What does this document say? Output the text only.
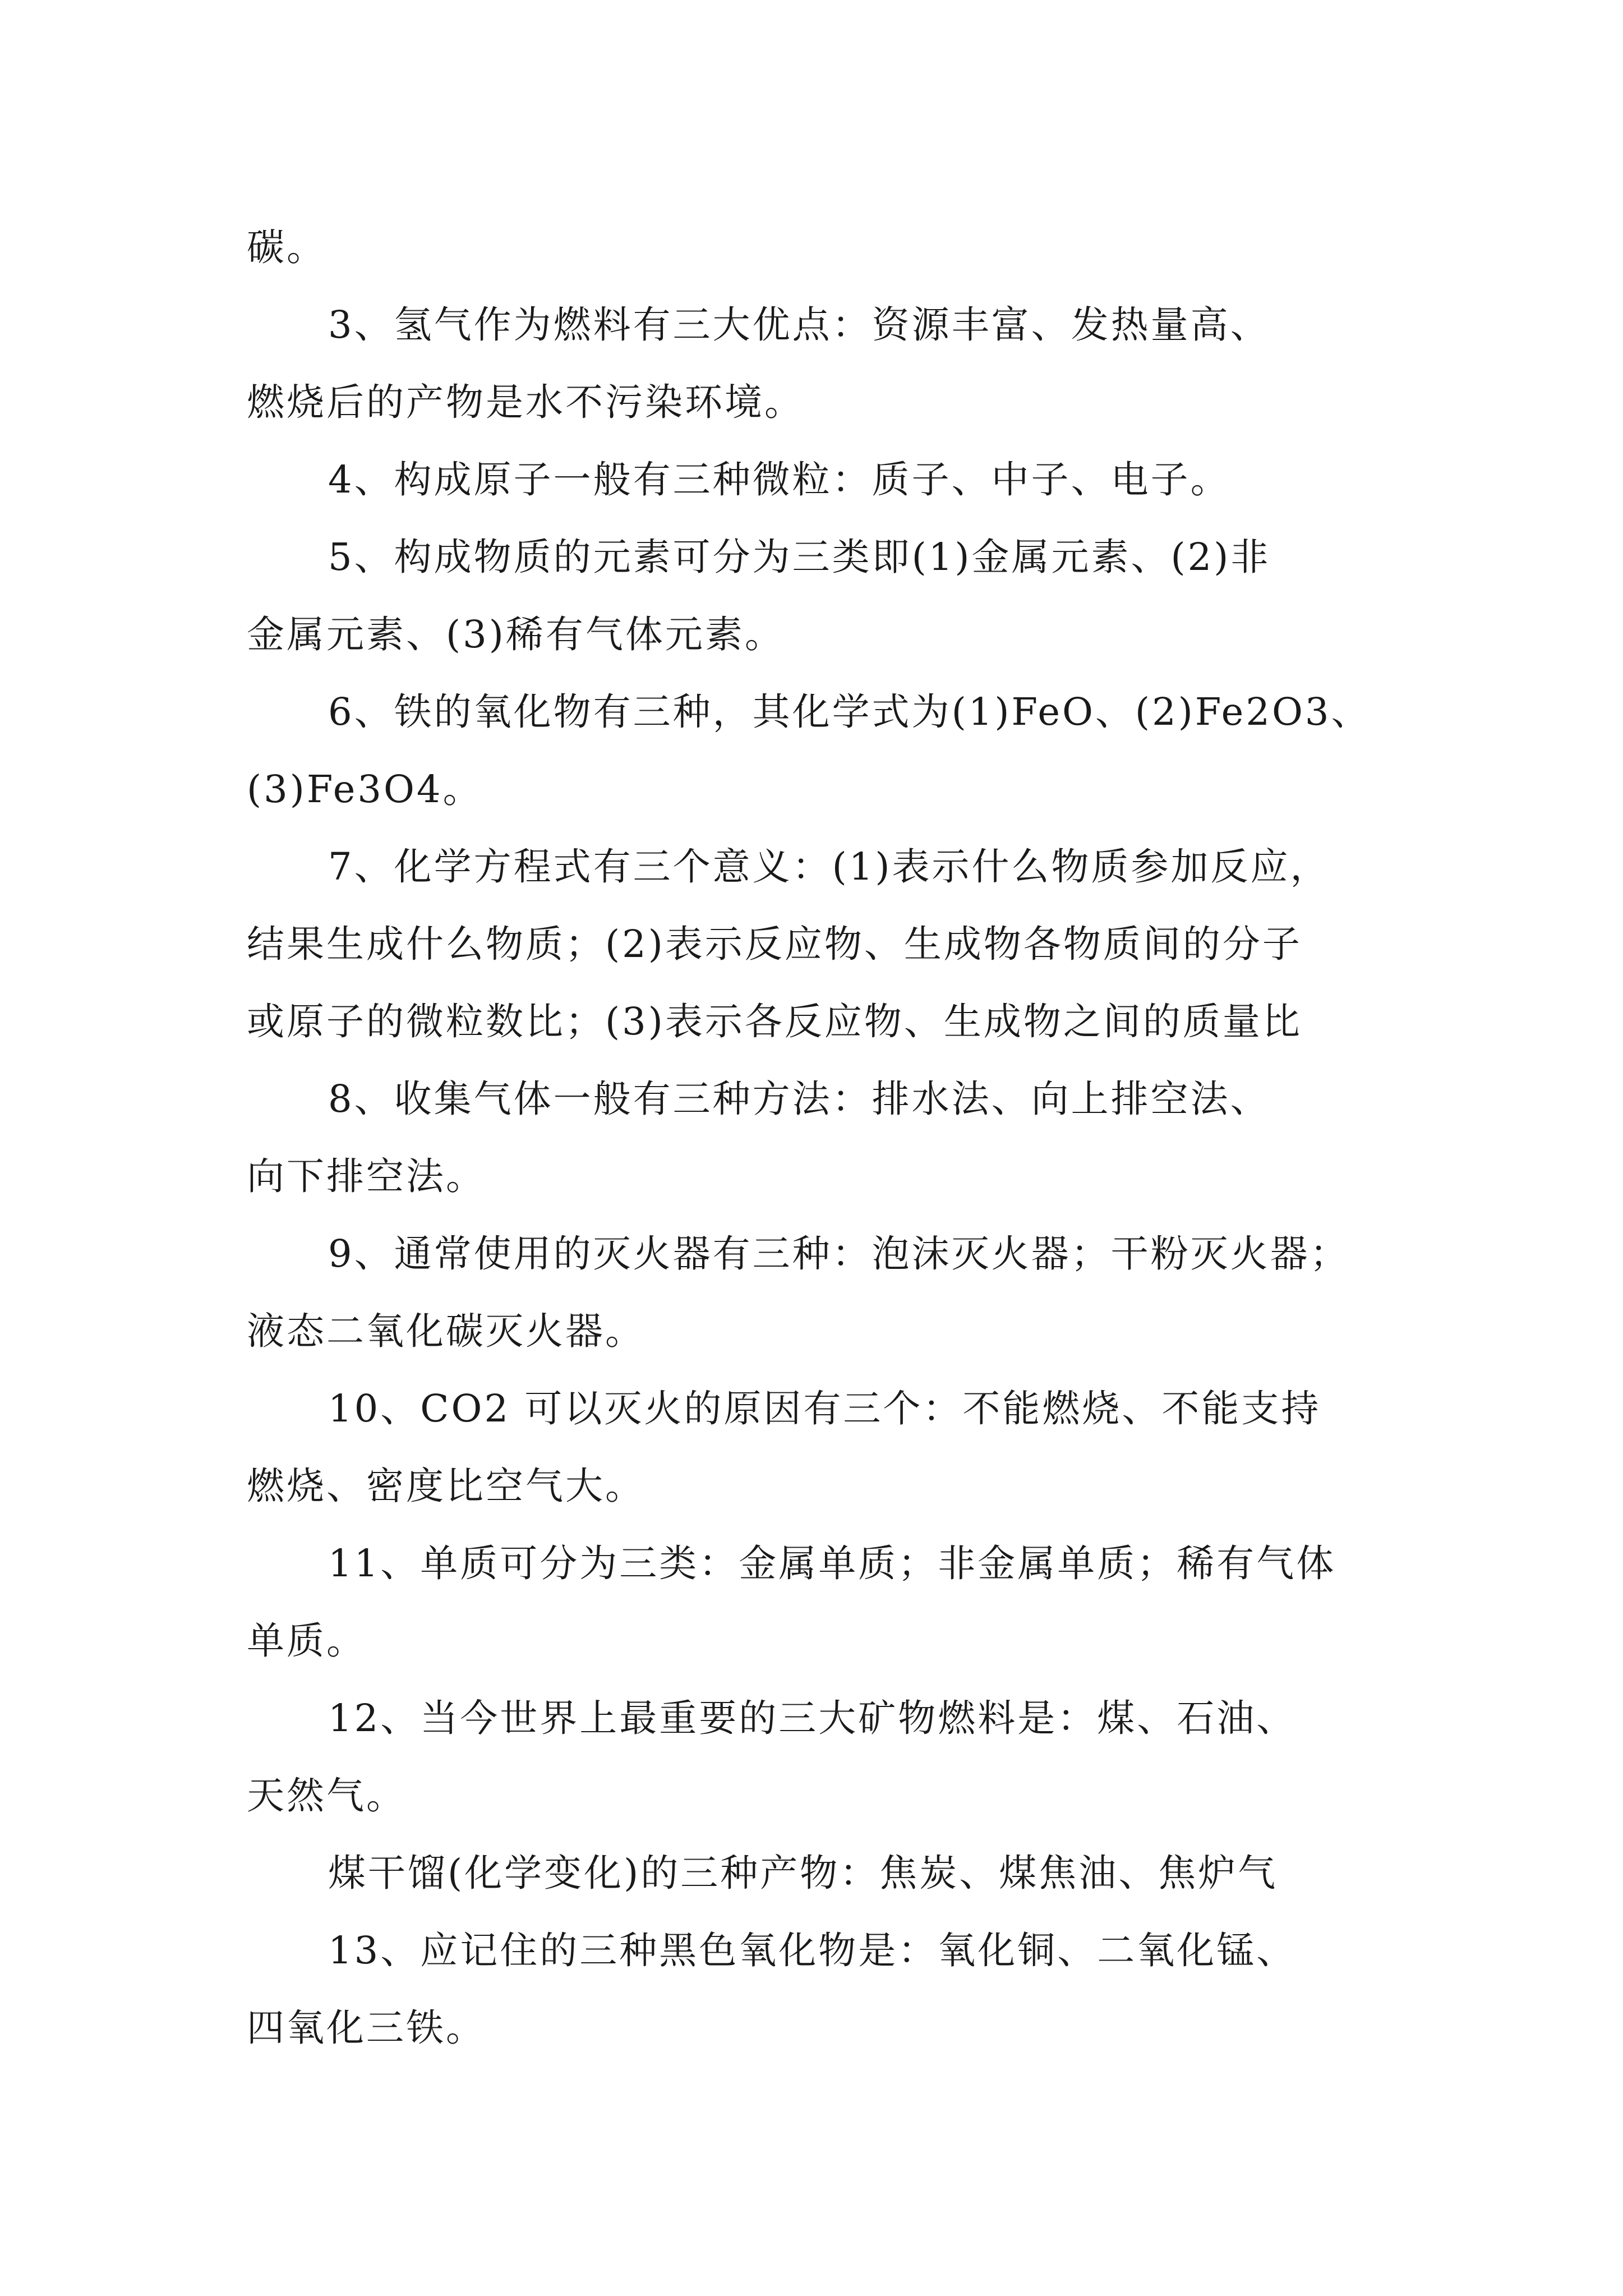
碳。
3、氢气作为燃料有三大优点：资源丰富、发热量高、
燃烧后的产物是水不污染环境。
4、构成原子一般有三种微粒：质子、中子、电子。
5、构成物质的元素可分为三类即(1)金属元素、(2)非
金属元素、(3)稀有气体元素。
6、铁的氧化物有三种，其化学式为(1)FeO、(2)Fe2O3、
(3)Fe3O4。
7、化学方程式有三个意义：(1)表示什么物质参加反应，
结果生成什么物质；(2)表示反应物、生成物各物质间的分子
或原子的微粒数比；(3)表示各反应物、生成物之间的质量比
8、收集气体一般有三种方法：排水法、向上排空法、
向下排空法。
9、通常使用的灭火器有三种：泡沫灭火器；干粉灭火器；
液态二氧化碳灭火器。
10、CO2 可以灭火的原因有三个：不能燃烧、不能支持
燃烧、密度比空气大。
11、单质可分为三类：金属单质；非金属单质；稀有气体
单质。
12、当今世界上最重要的三大矿物燃料是：煤、石油、
天然气。
煤干馏(化学变化)的三种产物：焦炭、煤焦油、焦炉气
13、应记住的三种黑色氧化物是：氧化铜、二氧化锰、
四氧化三铁。
